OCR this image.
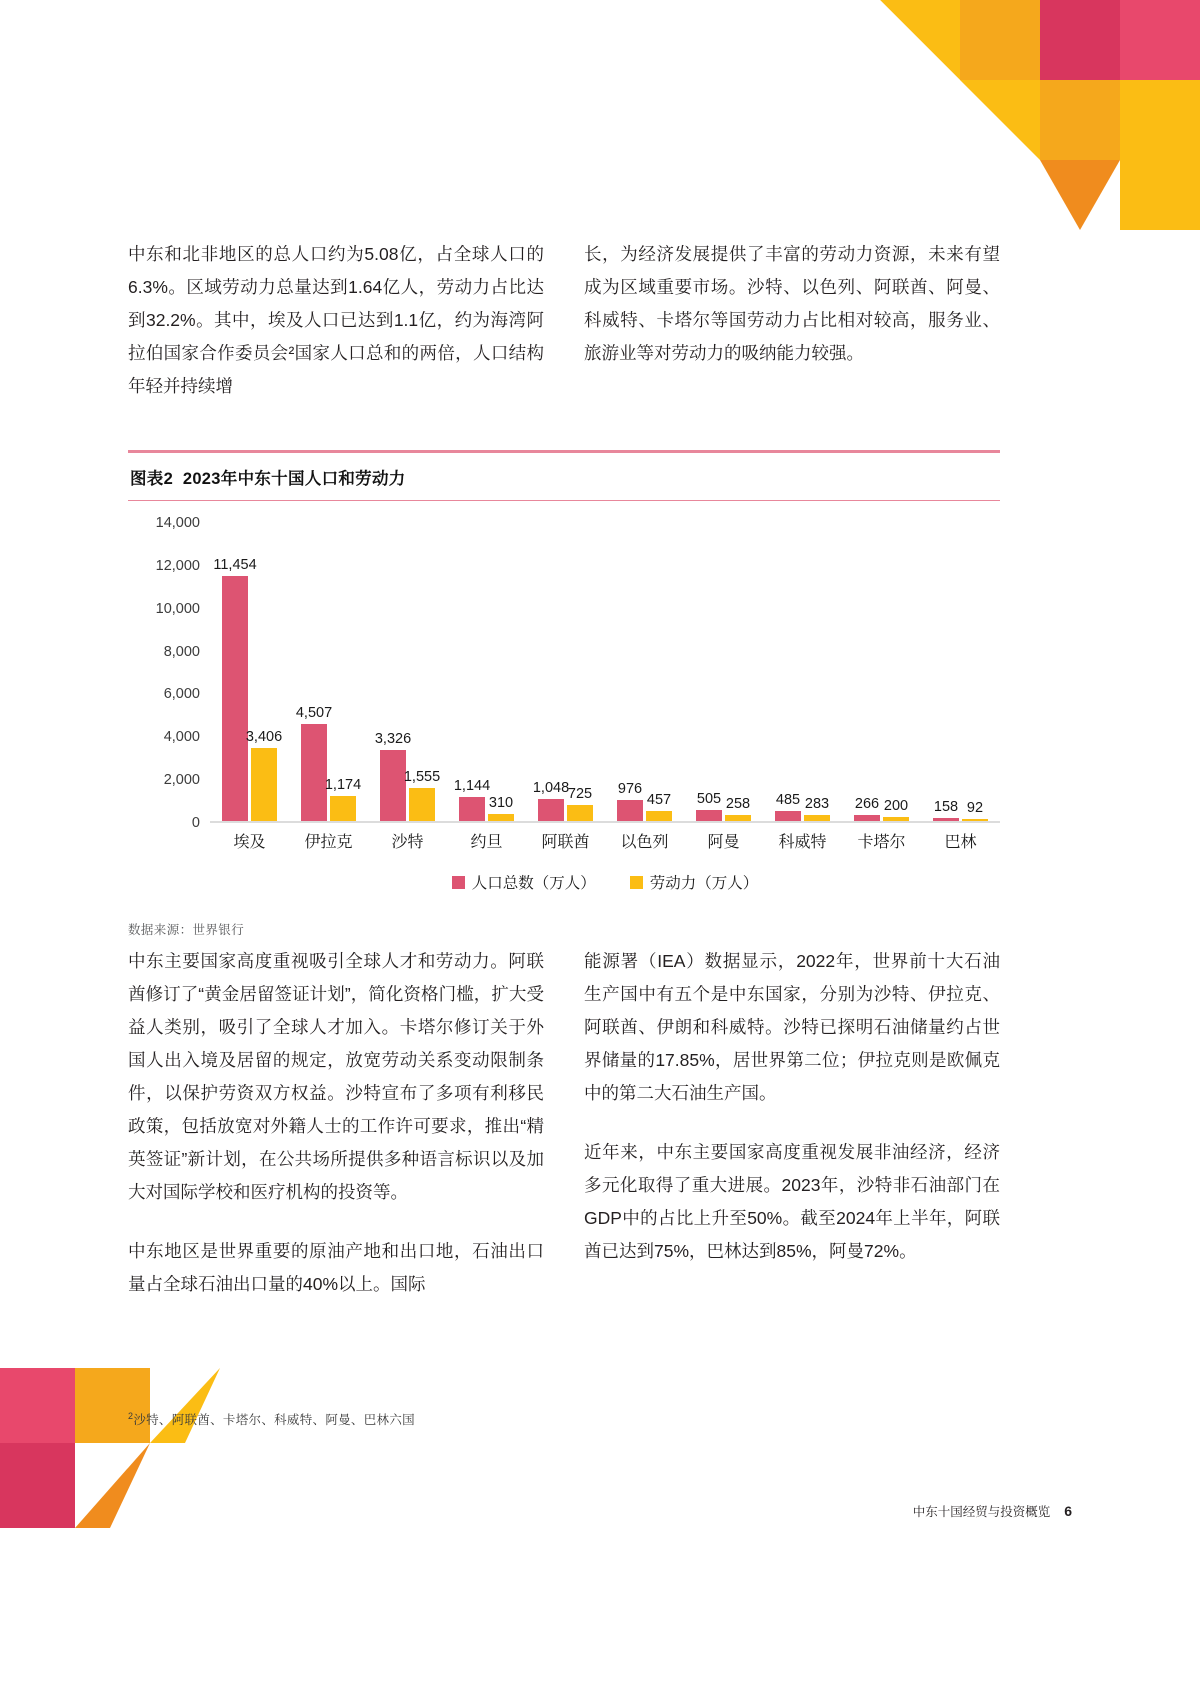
中东和北非地区的总人口约为5.08亿，占全球人口的6.3%。区域劳动力总量达到1.64亿人，劳动力占比达到32.2%。其中，埃及人口已达到1.1亿，约为海湾阿拉伯国家合作委员会²国家人口总和的两倍，人口结构年轻并持续增

长，为经济发展提供了丰富的劳动力资源，未来有望成为区域重要市场。沙特、以色列、阿联酋、阿曼、科威特、卡塔尔等国劳动力占比相对较高，服务业、旅游业等对劳动力的吸纳能力较强。

图表2 2023年中东十国人口和劳动力
14,000
12,000
10,000
8,000
6,000
4,000
2,000
0
11,454
3,406
4,507
1,174
3,326
1,555
1,144
310
1,048
725 976
457 505 258 485 283 266 200 158 92
埃及	伊拉克	沙特	约旦	阿联酋	以色列	阿曼	科威特	卡塔尔	巴林
人口总数（万人）	劳动力（万人）
数据来源：世界银行

中东主要国家高度重视吸引全球人才和劳动力。阿联酋修订了“黄金居留签证计划”，简化资格门槛，扩大受益人类别，吸引了全球人才加入。卡塔尔修订关于外国人出入境及居留的规定，放宽劳动关系变动限制条件，以保护劳资双方权益。沙特宣布了多项有利移民政策，包括放宽对外籍人士的工作许可要求，推出“精英签证”新计划，在公共场所提供多种语言标识以及加大对国际学校和医疗机构的投资等。

中东地区是世界重要的原油产地和出口地，石油出口量占全球石油出口量的40%以上。国际

能源署（IEA）数据显示，2022年，世界前十大石油生产国中有五个是中东国家，分别为沙特、伊拉克、阿联酋、伊朗和科威特。沙特已探明石油储量约占世界储量的17.85%，居世界第二位；伊拉克则是欧佩克中的第二大石油生产国。

近年来，中东主要国家高度重视发展非油经济，经济多元化取得了重大进展。2023年，沙特非石油部门在GDP中的占比上升至50%。截至2024年上半年，阿联酋已达到75%，巴林达到85%，阿曼72%。

$^2$沙特、阿联酋、卡塔尔、科威特、阿曼、巴林六国
中东十国经贸与投资概览 6
